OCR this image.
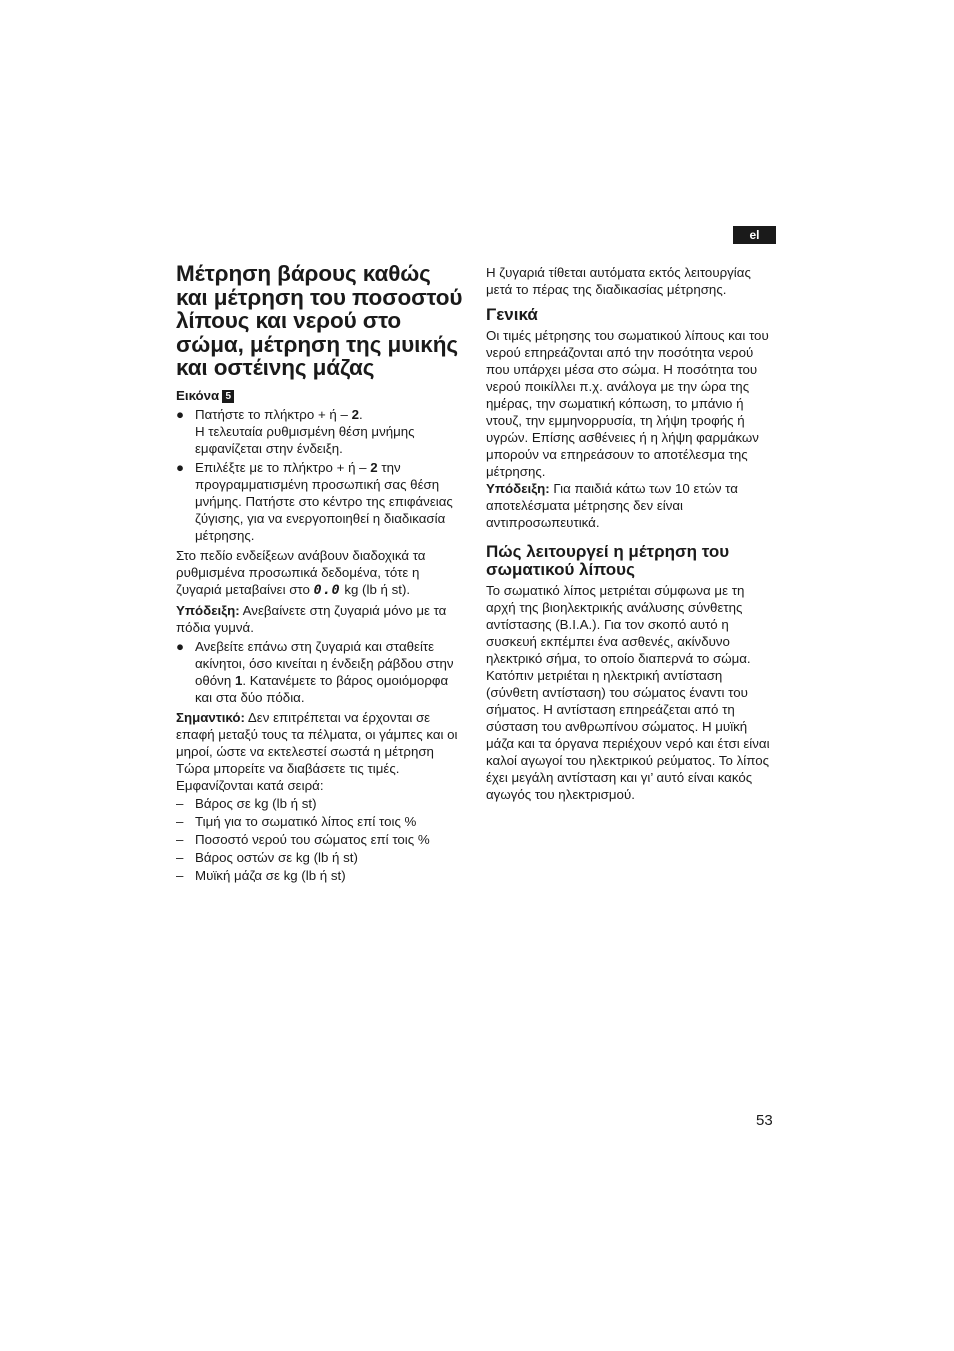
el
Μέτρηση βάρους καθώς και μέτρηση του ποσοστού λίπους και νερού στο σώμα, μέτρηση της μυικής και οστέινης μάζας
Εικόνα 5
● Πατήστε το πλήκτρο + ή – 2.

Η τελευταία ρυθμισμένη θέση μνήμης εμφανίζεται στην ένδειξη.

● Επιλέξτε με το πλήκτρο + ή – 2 την προγραμματισμένη προσωπική σας θέση μνήμης. Πατήστε στο κέντρο της επιφάνειας ζύγισης, για να ενεργοποιηθεί η διαδικασία μέτρησης.

Στο πεδίο ενδείξεων ανάβουν διαδοχικά τα ρυθμισμένα προσωπικά δεδομένα, τότε η ζυγαριά μεταβαίνει στο 0.0 kg (lb ή st).

Υπόδειξη: Ανεβαίνετε στη ζυγαριά μόνο με τα πόδια γυμνά.

● Ανεβείτε επάνω στη ζυγαριά και σταθείτε ακίνητοι, όσο κινείται η ένδειξη ράβδου στην οθόνη 1. Κατανέμετε το βάρος ομοιόμορφα και στα δύο πόδια.

Σημαντικό: Δεν επιτρέπεται να έρχονται σε επαφή μεταξύ τους τα πέλματα, οι γάμπες και οι μηροί, ώστε να εκτελεστεί σωστά η μέτρηση

Τώρα μπορείτε να διαβάσετε τις τιμές. Εμφανίζονται κατά σειρά:

– Βάρος σε kg (lb ή st)
– Τιμή για το σωματικό λίπος επί τοις %
– Ποσοστό νερού του σώματος επί τοις %
– Βάρος οστών σε kg (lb ή st)
– Μυϊκή μάζα σε kg (lb ή st)

Η ζυγαριά τίθεται αυτόματα εκτός λειτουργίας μετά το πέρας της διαδικασίας μέτρησης.

Γενικά

Οι τιμές μέτρησης του σωματικού λίπους και του νερού επηρεάζονται από την ποσότητα νερού που υπάρχει μέσα στο σώμα. Η ποσότητα του νερού ποικίλλει π.χ. ανάλογα με την ώρα της ημέρας, την σωματική κόπωση, το μπάνιο ή ντουζ, την εμμηνορρυσία, τη λήψη τροφής ή υγρών. Επίσης ασθένειες ή η λήψη φαρμάκων μπορούν να επηρεάσουν το αποτέλεσμα της μέτρησης.

Υπόδειξη: Για παιδιά κάτω των 10 ετών τα αποτελέσματα μέτρησης δεν είναι αντιπροσωπευτικά.

Πώς λειτουργεί η μέτρηση του σωματικού λίπους

Το σωματικό λίπος μετριέται σύμφωνα με τη αρχή της βιοηλεκτρικής ανάλυσης σύνθετης αντίστασης (B.I.A.). Για τον σκοπό αυτό η συσκευή εκπέμπει ένα ασθενές, ακίνδυνο ηλεκτρικό σήμα, το οποίο διαπερνά το σώμα.

Κατόπιν μετριέται η ηλεκτρική αντίσταση (σύνθετη αντίσταση) του σώματος έναντι του σήματος. Η αντίσταση επηρεάζεται από τη σύσταση του ανθρωπίνου σώματος. Η μυϊκή μάζα και τα όργανα περιέχουν νερό και έτσι είναι καλοί αγωγοί του ηλεκτρικού ρεύματος. Το λίπος έχει μεγάλη αντίσταση και γι’ αυτό είναι κακός αγωγός του ηλεκτρισμού.

53
